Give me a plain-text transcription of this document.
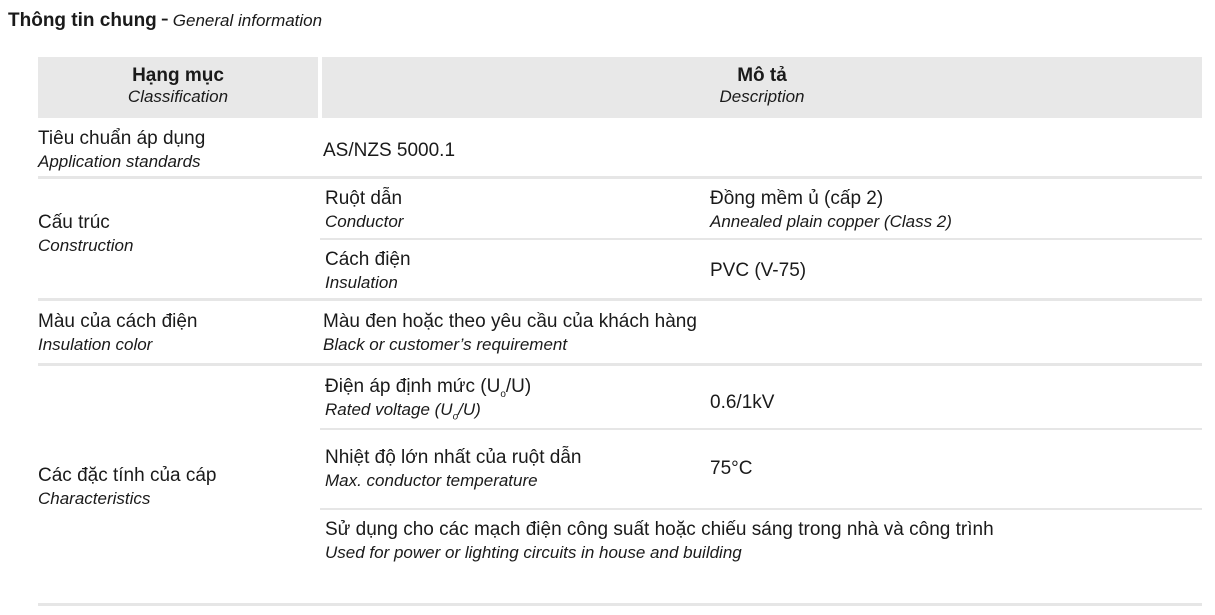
Thông tin chung - General information
Hạng mục
Classification
Mô tả
Description
Tiêu chuẩn áp dụng
Application standards
AS/NZS 5000.1
Cấu trúc
Construction
Ruột dẫn
Conductor
Đồng mềm ủ (cấp 2)
Annealed plain copper (Class 2)
Cách điện
Insulation
PVC (V-75)
Màu của cách điện
Insulation color
Màu đen hoặc theo yêu cầu của khách hàng
Black or customer’s requirement
Các đặc tính của cáp
Characteristics
Điện áp định mức $(U_o/U)$
Rated voltage $(U_o/U)$	0.6/1kV
Nhiệt độ lớn nhất của ruột dẫn
Max. conductor temperature
75°C
Sử dụng cho các mạch điện công suất hoặc chiếu sáng trong nhà và công trình
Used for power or lighting circuits in house and building
